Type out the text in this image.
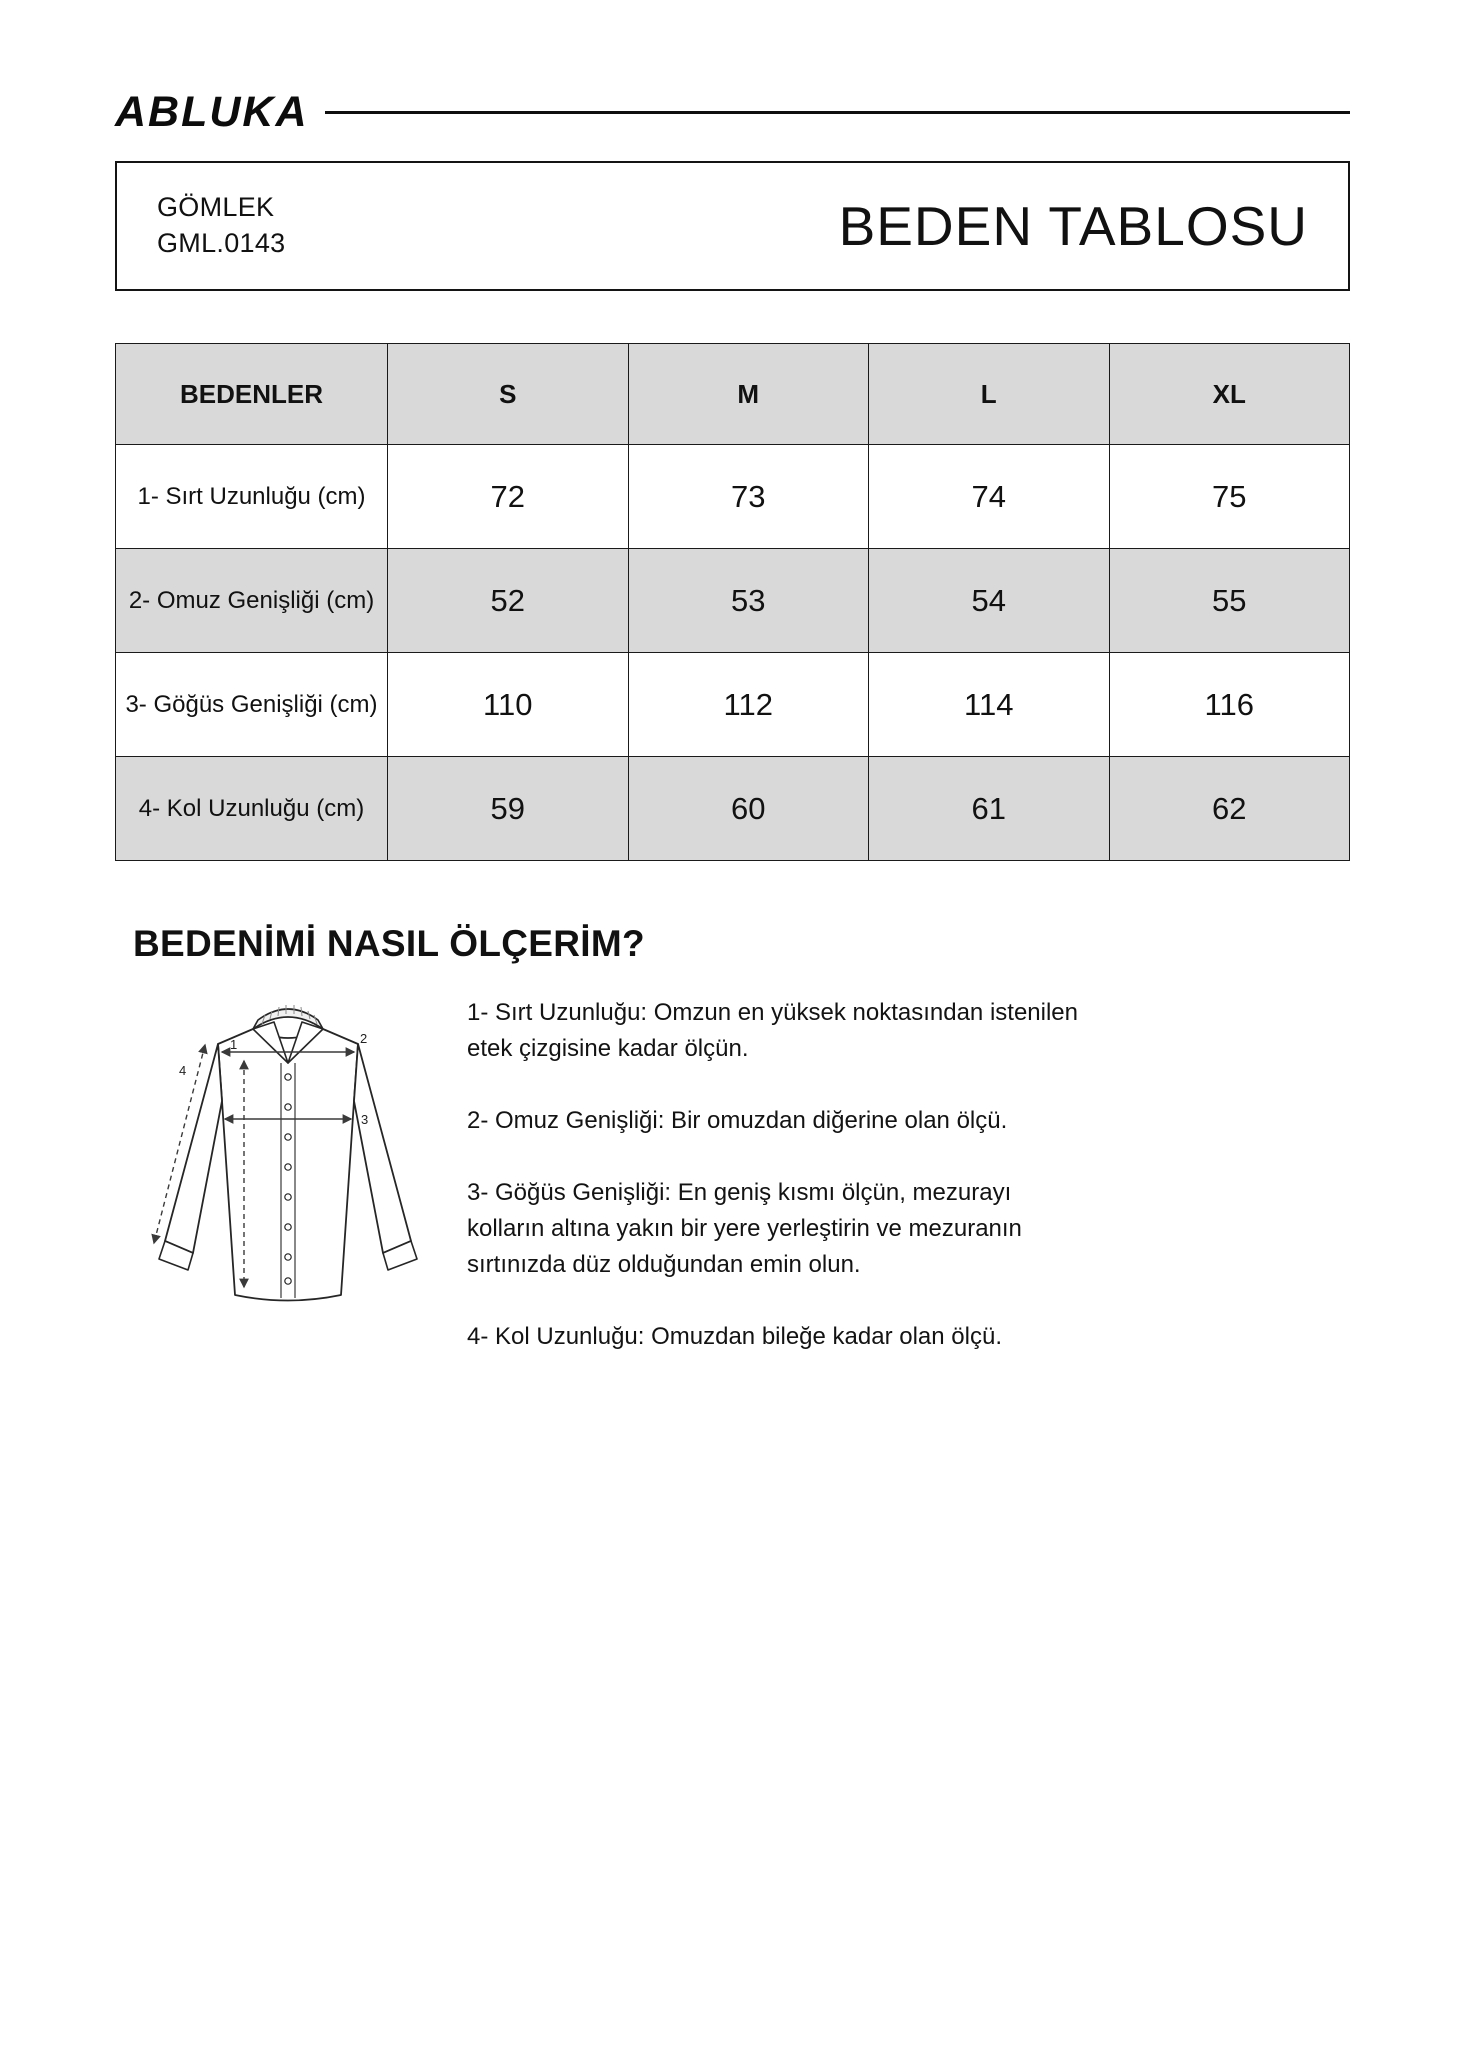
ABLUKA
GÖMLEK
GML.0143	BEDEN TABLOSU
BEDENLER	S	M	L	XL
1- Sırt Uzunluğu (cm)	72	73	74	75
2- Omuz Genişliği (cm)	52	53	54	55
3- Göğüs Genişliği (cm)	110	112	114	116
4- Kol Uzunluğu (cm)	59	60	61	62
BEDENİMİ NASIL ÖLÇERİM?
1	2
3
4

1- Sırt Uzunluğu: Omzun en yüksek noktasından istenilen etek çizgisine kadar ölçün.

2- Omuz Genişliği: Bir omuzdan diğerine olan ölçü.

3- Göğüs Genişliği: En geniş kısmı ölçün, mezurayı kolların altına yakın bir yere yerleştirin ve mezuranın sırtınızda düz olduğundan emin olun.

4- Kol Uzunluğu: Omuzdan bileğe kadar olan ölçü.
